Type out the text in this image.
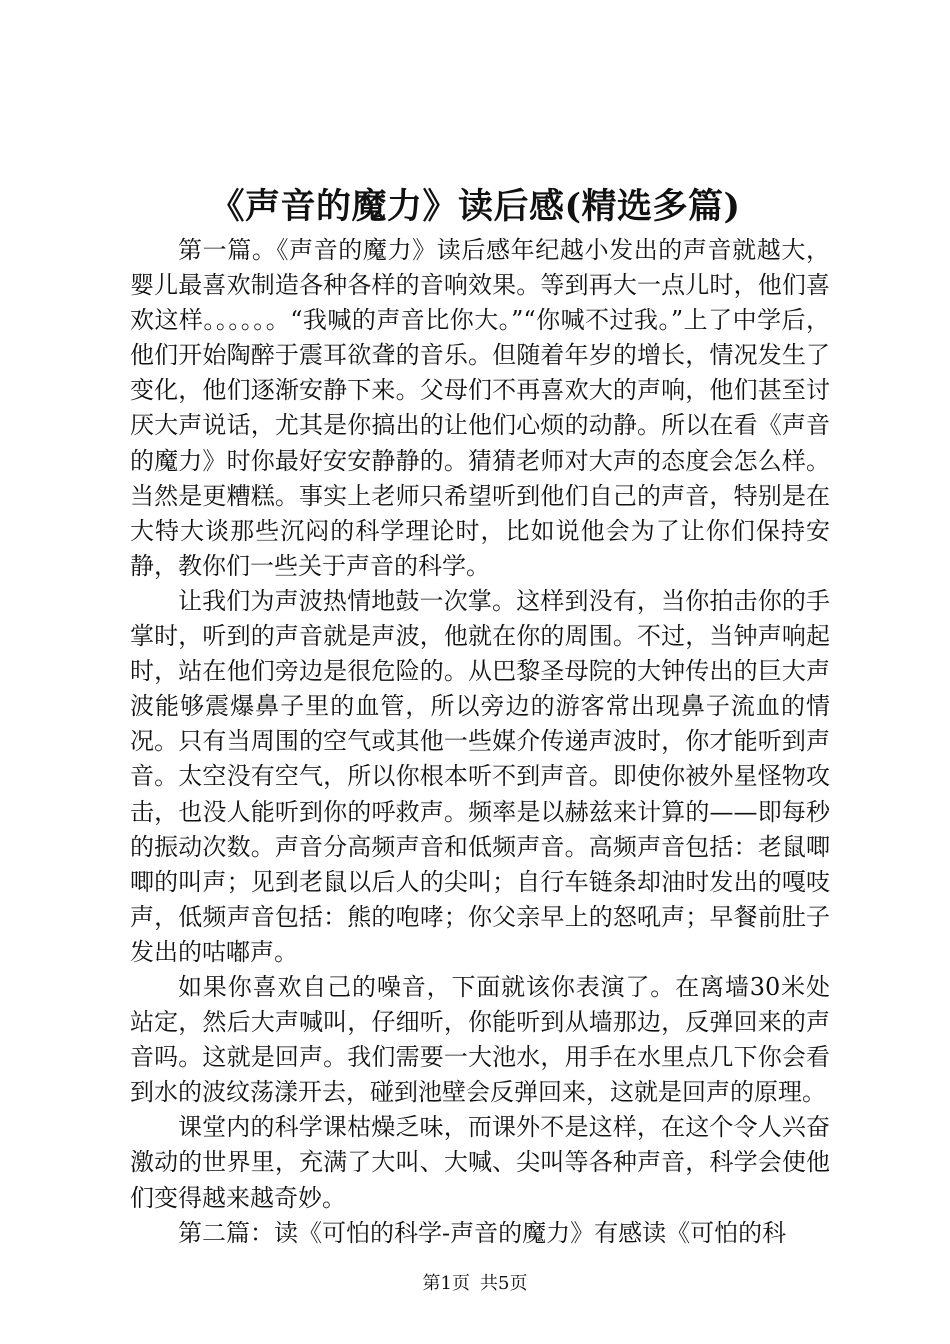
《声音的魔力》读后感(精选多篇)

第一篇。《声音的魔力》读后感年纪越小发出的声音就越大，婴儿最喜欢制造各种各样的音响效果。等到再大一点儿时，他们喜欢这样。。。。。。“我喊的声音比你大。”“你喊不过我。”上了中学后，他们开始陶醉于震耳欲聋的音乐。但随着年岁的增长，情况发生了变化，他们逐渐安静下来。父母们不再喜欢大的声响，他们甚至讨厌大声说话，尤其是你搞出的让他们心烦的动静。所以在看《声音的魔力》时你最好安安静静的。猜猜老师对大声的态度会怎么样。当然是更糟糕。事实上老师只希望听到他们自己的声音，特别是在大特大谈那些沉闷的科学理论时，比如说他会为了让你们保持安静，教你们一些关于声音的科学。

让我们为声波热情地鼓一次掌。这样到没有，当你拍击你的手掌时，听到的声音就是声波，他就在你的周围。不过，当钟声响起时，站在他们旁边是很危险的。从巴黎圣母院的大钟传出的巨大声波能够震爆鼻子里的血管，所以旁边的游客常出现鼻子流血的情况。只有当周围的空气或其他一些媒介传递声波时，你才能听到声音。太空没有空气，所以你根本听不到声音。即使你被外星怪物攻击，也没人能听到你的呼救声。频率是以赫兹来计算的——即每秒的振动次数。声音分高频声音和低频声音。高频声音包括：老鼠唧唧的叫声；见到老鼠以后人的尖叫；自行车链条却油时发出的嘎吱声，低频声音包括：熊的咆哮；你父亲早上的怒吼声；早餐前肚子发出的咕嘟声。

如果你喜欢自己的噪音，下面就该你表演了。在离墙30米处站定，然后大声喊叫，仔细听，你能听到从墙那边，反弹回来的声音吗。这就是回声。我们需要一大池水，用手在水里点几下你会看到水的波纹荡漾开去，碰到池壁会反弹回来，这就是回声的原理。

课堂内的科学课枯燥乏味，而课外不是这样，在这个令人兴奋激动的世界里，充满了大叫、大喊、尖叫等各种声音，科学会使他们变得越来越奇妙。

第二篇：读《可怕的科学-声音的魔力》有感读《可怕的科

第1页 共5页
